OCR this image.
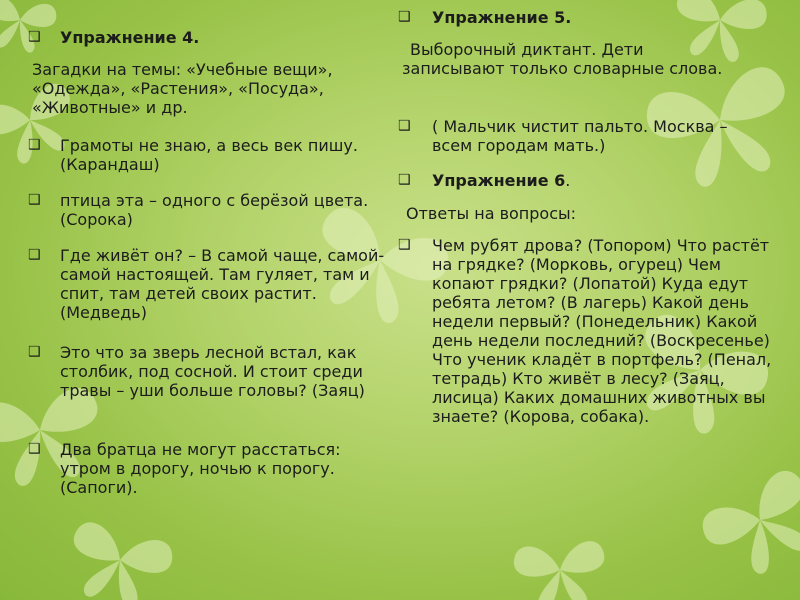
❑ Упражнение 4.

Загадки на темы: «Учебные вещи», «Одежда», «Растения», «Посуда», «Животные» и др.

❑ Грамоты не знаю, а весь век пишу. (Карандаш)

❑ птица эта – одного с берёзой цвета. (Сорока)

❑ Где живёт он? – В самой чаще, самой-самой настоящей. Там гуляет, там и спит, там детей своих растит. (Медведь)

❑ Это что за зверь лесной встал, как столбик, под сосной. И стоит среди травы – уши больше головы? (Заяц)

❑ Два братца не могут расстаться: утром в дорогу, ночью к порогу. (Сапоги).

❑ Упражнение 5.

Выборочный диктант. Дети записывают только словарные слова.

❑ ( Мальчик чистит пальто. Москва – всем городам мать.)

❑ Упражнение 6.

Ответы на вопросы:

❑ Чем рубят дрова? (Топором) Что растёт на грядке? (Морковь, огурец) Чем копают грядки? (Лопатой) Куда едут ребята летом? (В лагерь) Какой день недели первый? (Понедельник) Какой день недели последний? (Воскресенье) Что ученик кладёт в портфель? (Пенал, тетрадь) Кто живёт в лесу? (Заяц, лисица) Каких домашних животных вы знаете? (Корова, собака).
